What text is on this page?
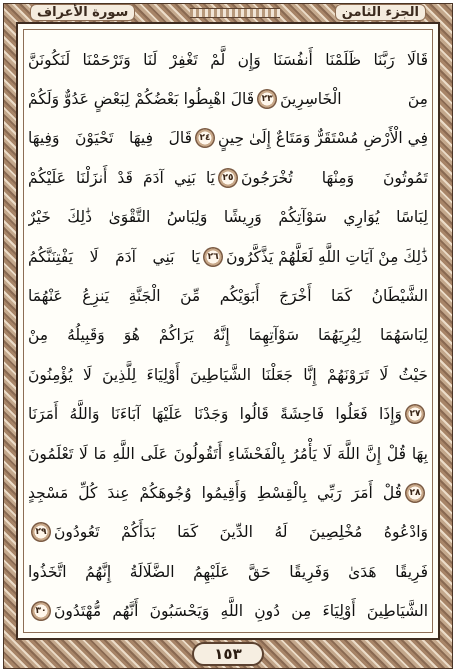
سورة الأعراف	الجزء الثامن
قَالَا رَبَّنَا ظَلَمْنَا أَنفُسَنَا وَإِن لَّمْ تَغْفِرْ لَنَا وَتَرْحَمْنَا لَنَكُونَنَّ
مِنَ الْخَاسِرِينَ
٢٣
قَالَ اهْبِطُوا بَعْضُكُمْ لِبَعْضٍ عَدُوٌّ وَلَكُمْ
فِي الْأَرْضِ مُسْتَقَرٌّ وَمَتَاعٌ إِلَىٰ حِينٍ
٢٤
قَالَ فِيهَا تَحْيَوْنَ وَفِيهَا
تَمُوتُونَ وَمِنْهَا تُخْرَجُونَ
٢٥
يَا بَنِي آدَمَ قَدْ أَنزَلْنَا عَلَيْكُمْ
لِبَاسًا يُوَارِي سَوْآتِكُمْ وَرِيشًا وَلِبَاسُ التَّقْوَىٰ ذَٰلِكَ خَيْرٌ
ذَٰلِكَ مِنْ آيَاتِ اللَّهِ لَعَلَّهُمْ يَذَّكَّرُونَ
٢٦
يَا بَنِي آدَمَ لَا يَفْتِنَنَّكُمُ
الشَّيْطَانُ كَمَا أَخْرَجَ أَبَوَيْكُم مِّنَ الْجَنَّةِ يَنزِعُ عَنْهُمَا
لِبَاسَهُمَا لِيُرِيَهُمَا سَوْآتِهِمَا إِنَّهُ يَرَاكُمْ هُوَ وَقَبِيلُهُ مِنْ
حَيْثُ لَا تَرَوْنَهُمْ إِنَّا جَعَلْنَا الشَّيَاطِينَ أَوْلِيَاءَ لِلَّذِينَ لَا يُؤْمِنُونَ
٢٧
وَإِذَا فَعَلُوا فَاحِشَةً قَالُوا وَجَدْنَا عَلَيْهَا آبَاءَنَا وَاللَّهُ أَمَرَنَا
بِهَا قُلْ إِنَّ اللَّهَ لَا يَأْمُرُ بِالْفَحْشَاءِ أَتَقُولُونَ عَلَى اللَّهِ مَا لَا تَعْلَمُونَ
٢٨
قُلْ أَمَرَ رَبِّي بِالْقِسْطِ وَأَقِيمُوا وُجُوهَكُمْ عِندَ كُلِّ مَسْجِدٍ
وَادْعُوهُ مُخْلِصِينَ لَهُ الدِّينَ كَمَا بَدَأَكُمْ تَعُودُونَ
٢٩
فَرِيقًا هَدَىٰ وَفَرِيقًا حَقَّ عَلَيْهِمُ الضَّلَالَةُ إِنَّهُمُ اتَّخَذُوا
الشَّيَاطِينَ أَوْلِيَاءَ مِن دُونِ اللَّهِ وَيَحْسَبُونَ أَنَّهُم مُّهْتَدُونَ
٣٠
١٥٣
